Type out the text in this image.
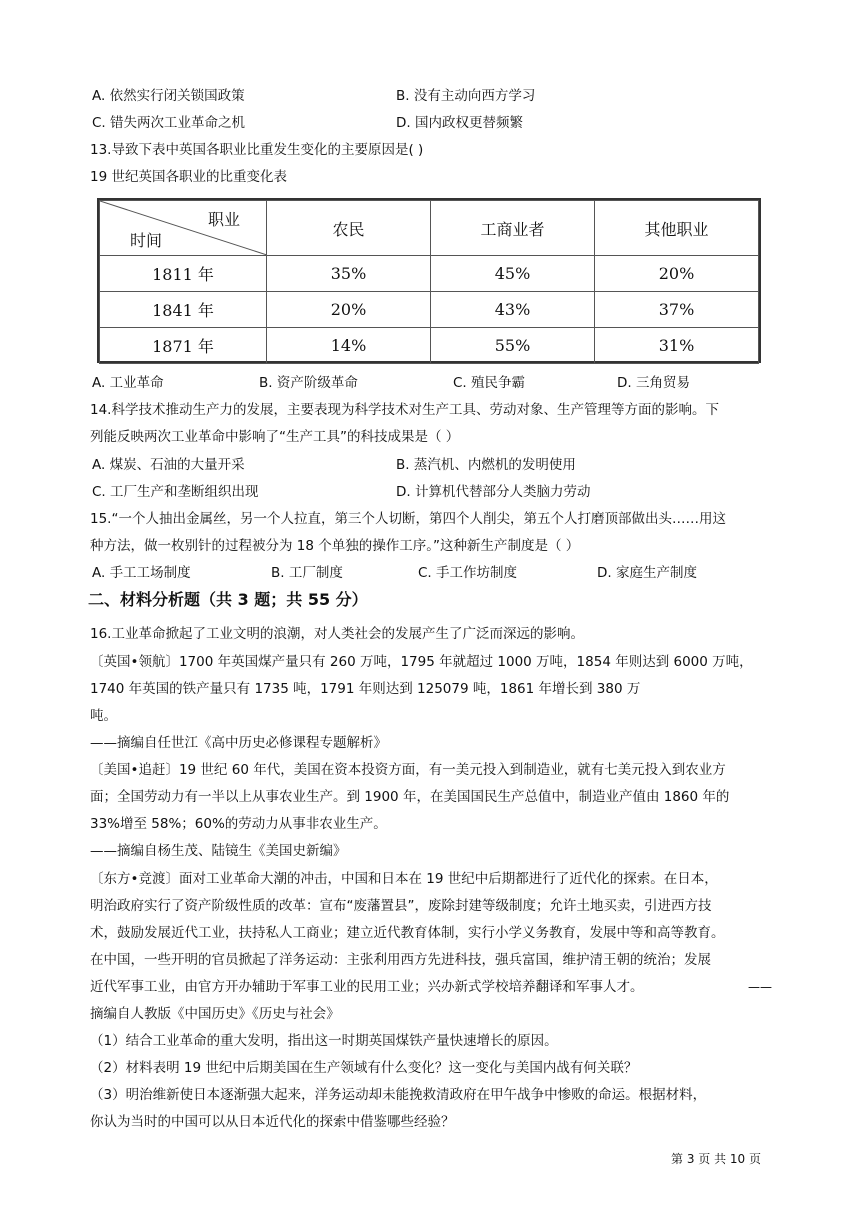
A. 依然实行闭关锁国政策	B. 没有主动向西方学习
C. 错失两次工业革命之机	D. 国内政权更替频繁
13.导致下表中英国各职业比重发生变化的主要原因是( )
19 世纪英国各职业的比重变化表
职业
时间	农民	工商业者	其他职业
1811 年	35%	45%	20%
1841 年	20%	43%	37%
1871 年	14%	55%	31%
A. 工业革命	B. 资产阶级革命	C. 殖民争霸	D. 三角贸易
14.科学技术推动生产力的发展，主要表现为科学技术对生产工具、劳动对象、生产管理等方面的影响。下
列能反映两次工业革命中影响了“生产工具”的科技成果是（ ）
A. 煤炭、石油的大量开采	B. 蒸汽机、内燃机的发明使用
C. 工厂生产和垄断组织出现	D. 计算机代替部分人类脑力劳动
15.“一个人抽出金属丝，另一个人拉直，第三个人切断，第四个人削尖，第五个人打磨顶部做出头……用这
种方法，做一枚别针的过程被分为 18 个单独的操作工序。”这种新生产制度是（ ）
A. 手工工场制度	B. 工厂制度	C. 手工作坊制度	D. 家庭生产制度
二、材料分析题（共 3 题；共 55 分）
16.工业革命掀起了工业文明的浪潮，对人类社会的发展产生了广泛而深远的影响。
〔英国•领航〕1700 年英国煤产量只有 260 万吨，1795 年就超过 1000 万吨，1854 年则达到 6000 万吨，
1740 年英国的铁产量只有 1735 吨，1791 年则达到 125079 吨，1861 年增长到 380 万
吨。
——摘编自任世江《高中历史必修课程专题解析》
〔美国•追赶〕19 世纪 60 年代，美国在资本投资方面，有一美元投入到制造业，就有七美元投入到农业方
面；全国劳动力有一半以上从事农业生产。到 1900 年，在美国国民生产总值中，制造业产值由 1860 年的
33%增至 58%；60%的劳动力从事非农业生产。
——摘编自杨生茂、陆镜生《美国史新编》
〔东方•竞渡〕面对工业革命大潮的冲击，中国和日本在 19 世纪中后期都进行了近代化的探索。在日本，
明治政府实行了资产阶级性质的改革：宣布“废藩置县”，废除封建等级制度；允许土地买卖，引进西方技
术，鼓励发展近代工业，扶持私人工商业；建立近代教育体制，实行小学义务教育，发展中等和高等教育。
在中国，一些开明的官员掀起了洋务运动：主张利用西方先进科技，强兵富国，维护清王朝的统治；发展
近代军事工业，由官方开办辅助于军事工业的民用工业；兴办新式学校培养翻译和军事人才。	——
摘编自人教版《中国历史》《历史与社会》
（1）结合工业革命的重大发明，指出这一时期英国煤铁产量快速增长的原因。
（2）材料表明 19 世纪中后期美国在生产领域有什么变化？这一变化与美国内战有何关联？
（3）明治维新使日本逐渐强大起来，洋务运动却未能挽救清政府在甲午战争中惨败的命运。根据材料，
你认为当时的中国可以从日本近代化的探索中借鉴哪些经验？
第 3 页 共 10 页
